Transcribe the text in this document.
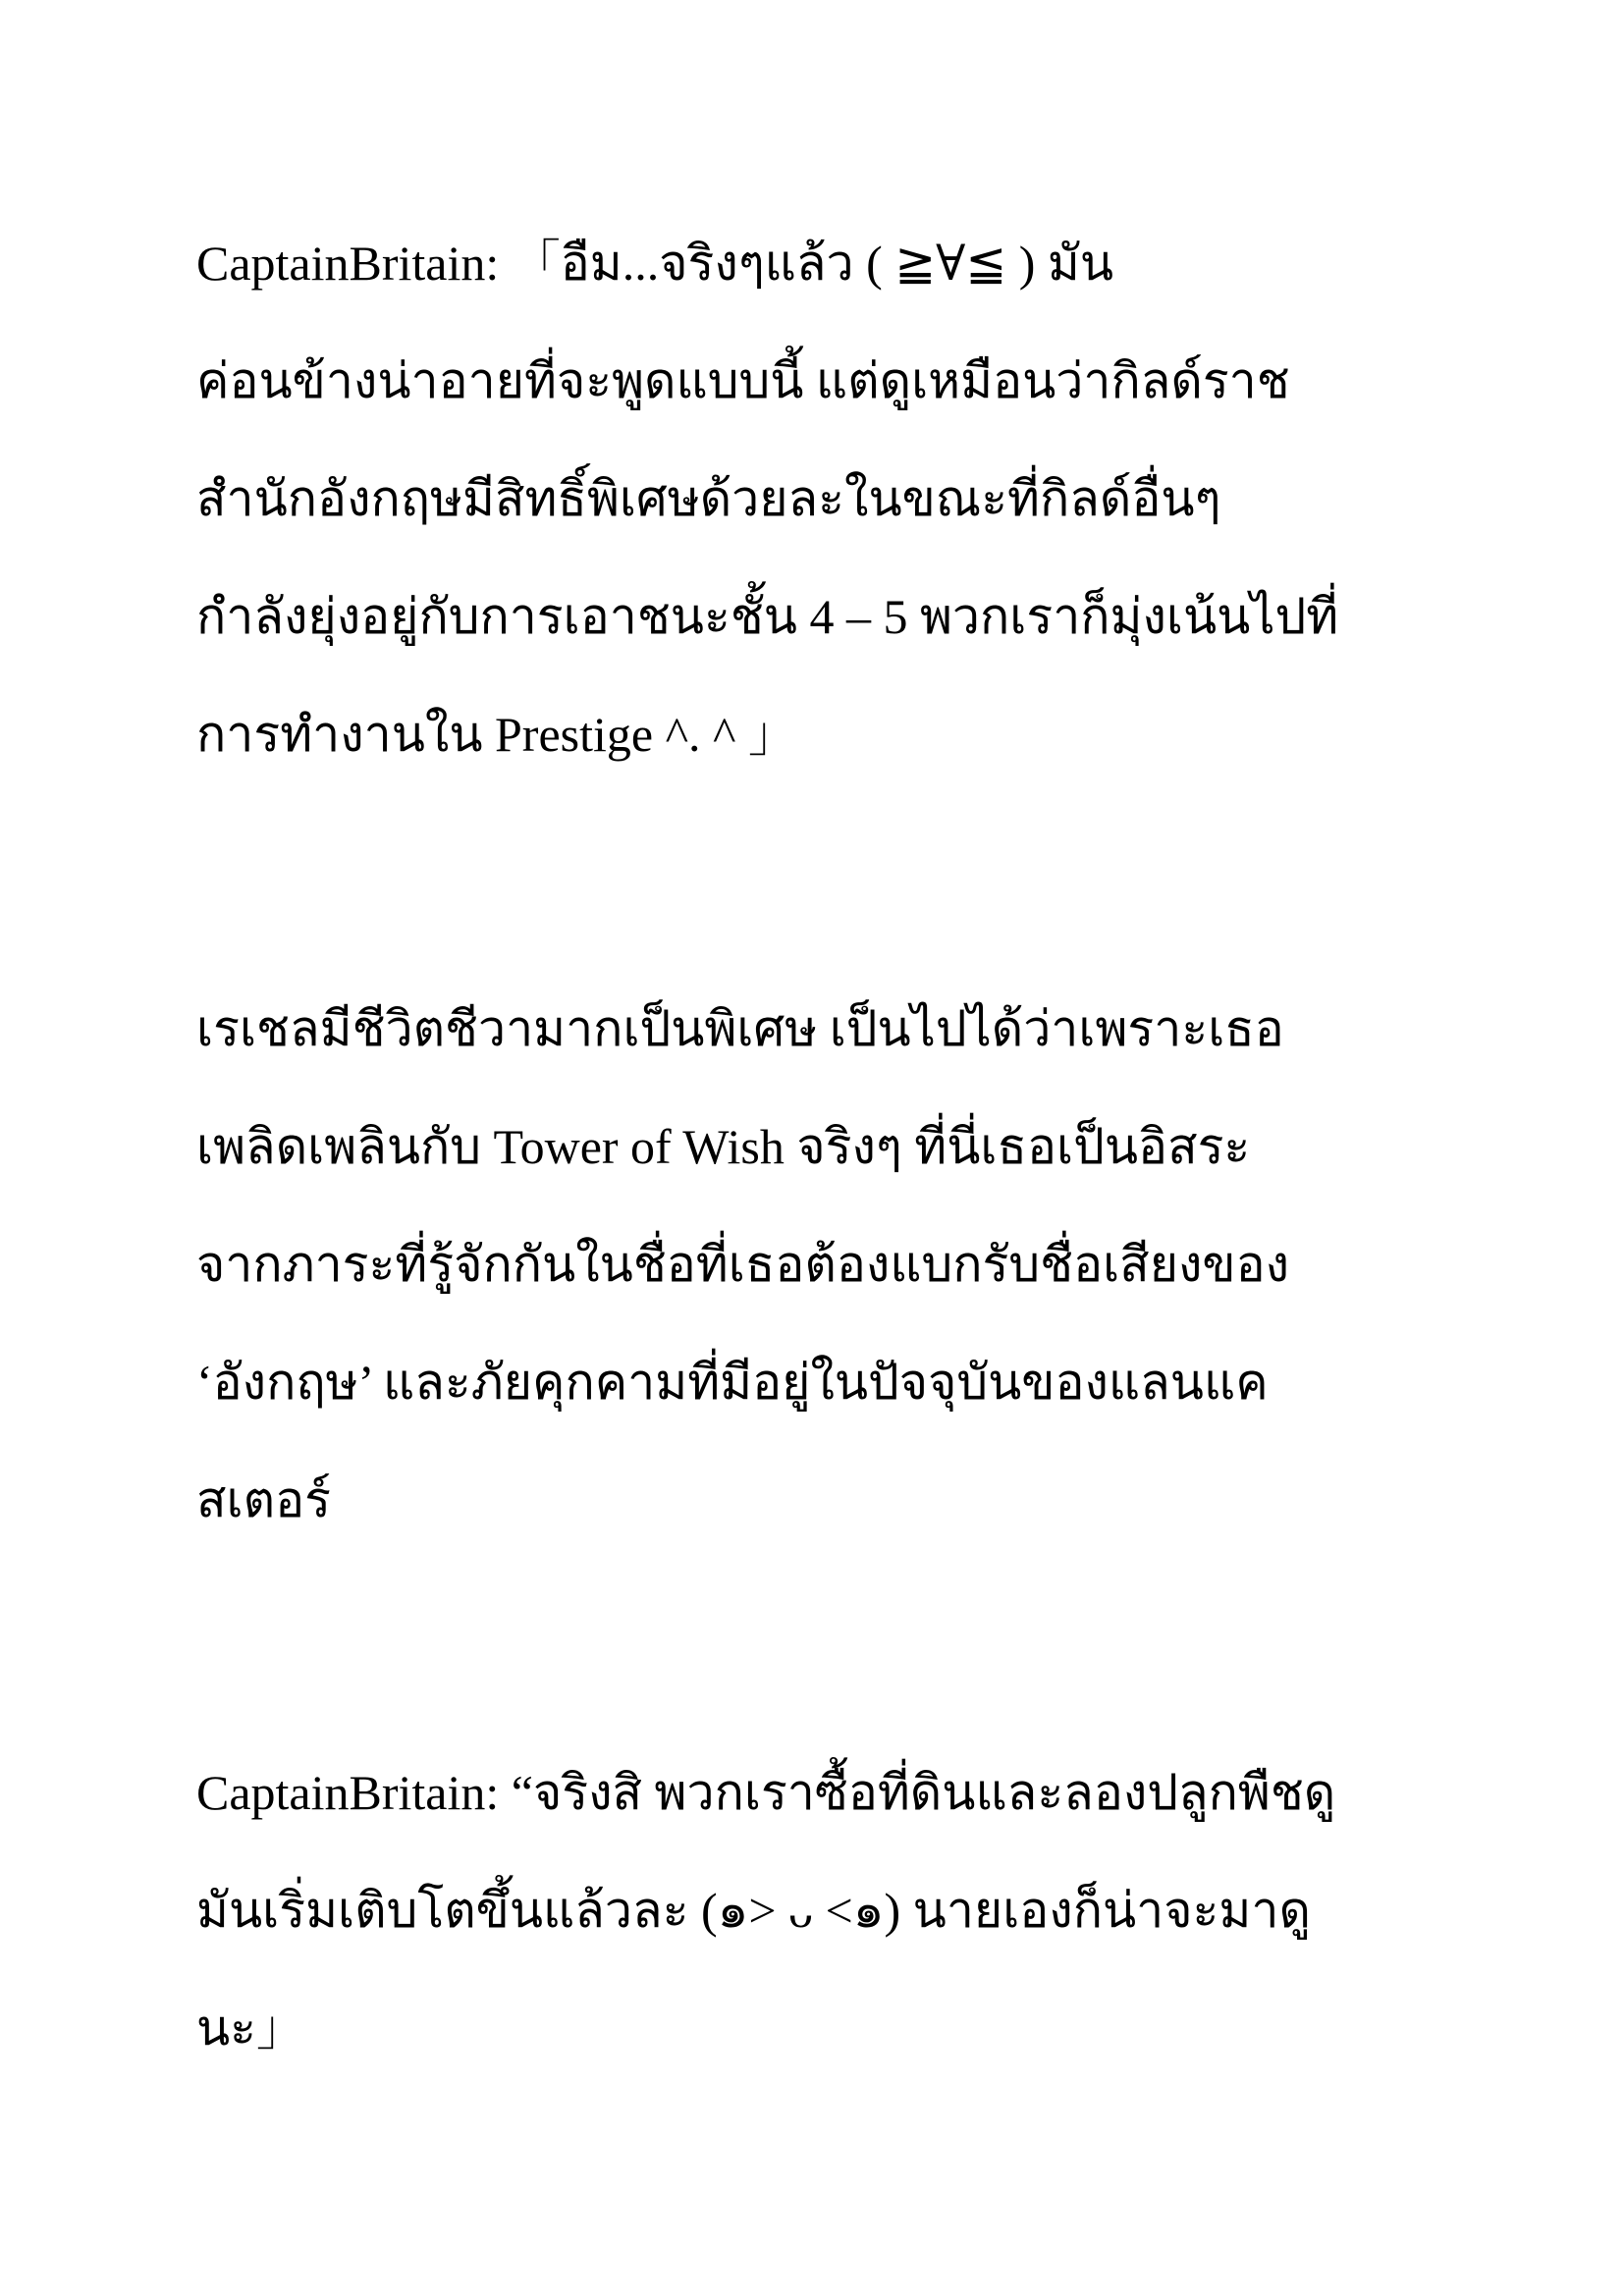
CaptainBritain: 「อืม...จริงๆแล้ว ( ≧∀≦ ) มัน
ค่อนข้างน่าอายที่จะพูดแบบนี้ แต่ดูเหมือนว่ากิลด์ราช
สำนักอังกฤษมีสิทธิ์พิเศษด้วยละในขณะที่กิลด์อื่นๆ
กำลังยุ่งอยู่กับการเอาชนะชั้น 4 – 5 พวกเราก็มุ่งเน้นไปที่
การทำงานใน Prestige ^. ^ 」
เรเชลมีชีวิตชีวามากเป็นพิเศษ เป็นไปได้ว่าเพราะเธอ
เพลิดเพลินกับ Tower of Wish จริงๆ ที่นี่เธอเป็นอิสระ
จากภาระที่รู้จักกันในชื่อที่เธอต้องแบกรับชื่อเสียงของ
‘อังกฤษ’ และภัยคุกคามที่มีอยู่ในปัจจุบันของแลนแค
สเตอร์
CaptainBritain: “จริงสิ พวกเราซื้อที่ดินและลองปลูกพืชดู
มันเริ่มเติบโตขึ้นแล้วละ (๑> ᴗ <๑) นายเองก็น่าจะมาดู
นะ」
